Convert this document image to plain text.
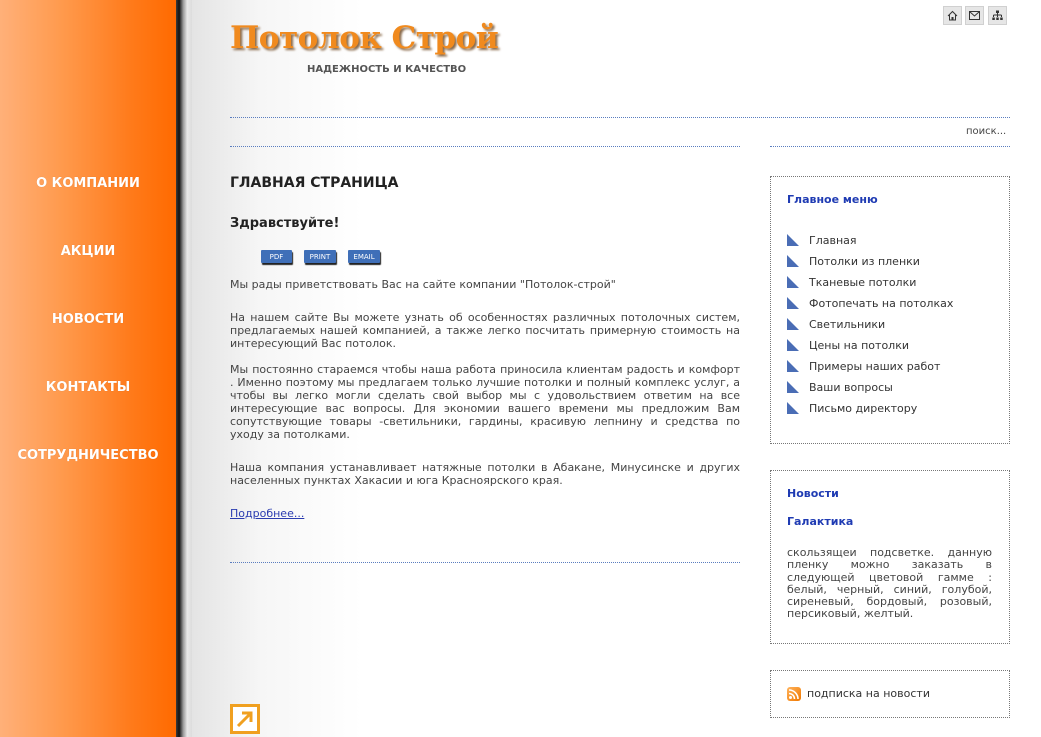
О КОМПАНИИ
АКЦИИ
НОВОСТИ
КОНТАКТЫ
СОТРУДНИЧЕСТВО
Потолок Строй
НАДЕЖНОСТЬ И КАЧЕСТВО
поиск...
ГЛАВНАЯ СТРАНИЦА
Здравствуйте!
PDF	PRINT	EMAIL

Мы рады приветствовать Вас на сайте компании "Потолок-строй"

На нашем сайте Вы можете узнать об особенностях различных потолочных систем, предлагаемых нашей компанией, а также легко посчитать примерную стоимость на интересующий Вас потолок.

Мы постоянно стараемся чтобы наша работа приносила клиентам радость и комфорт . Именно поэтому мы предлагаем только лучшие потолки и полный комплекс услуг, а чтобы вы легко могли сделать свой выбор мы с удовольствием ответим на все интересующие вас вопросы. Для экономии вашего времени мы предложим Вам сопутствующие товары -светильники, гардины, красивую лепнину и средства по уходу за потолками.

Наша компания устанавливает натяжные потолки в Абакане, Минусинске и других населенных пунктах Хакасии и юга Красноярского края.

Подробнее...
Главное меню
Главная
Потолки из пленки
Тканевые потолки
Фотопечать на потолках
Светильники
Цены на потолки
Примеры наших работ
Ваши вопросы
Письмо директору
Новости
Галактика

скользящеи подсветке. данную пленку можно заказать в следующей цветовой гамме : белый, черный, синий, голубой, сиреневый, бордовый, розовый, персиковый, желтый.

подписка на новости
